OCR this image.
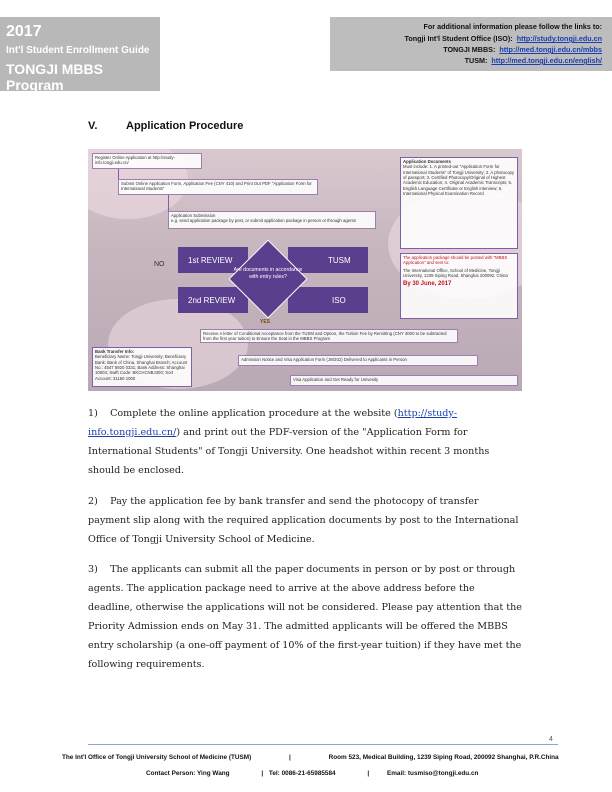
2017
Int'l Student Enrollment Guide
TONGJI MBBS Program
For additional information please follow the links to:
Tongji Int'l Student Office (ISO): http://study.tongji.edu.cn
TONGJI MBBS: http://med.tongji.edu.cn/mbbs
TUSM: http://med.tongji.edu.cn/english/
V.	Application Procedure
Register Online Application at http://study-info.tongji.edu.cn/
Submit Online Application Form, Application Fee (CNY 410) and Print Out PDF "Application Form for International Students"
Application Submission
e.g. send application package by post, or submit application package in person or through agents
Application Documents
Must include: 1. A printed-out "Application Form for International Students" of Tongji University; 2. A photocopy of passport; 3. Certified Photocopy/Original of Highest Academic Education; 4. Original Academic Transcripts; 5. English Language Certificate or English interview; 6. International Physical Examination Record
The application package should be posted with "MBBS Application" and sent to:
The International Office, School of Medicine, Tongji University, 1239 Siping Road, Shanghai 200092, China
By 30 June, 2017
NO	1st REVIEW
2nd REVIEW
TUSM
ISO
Are documents in accordance with entry rules?
YES
Receive A letter of Conditional Acceptance from the TUSM and Option, the Tuition Fee by Remitting (CNY 4000 to be subtracted from the first year tuition) to Ensure the Seat in the MBBS Program
Bank Transfer Info:
Beneficiary Name: Tongji University; Beneficiary Bank: Bank of China, Shanghai Branch; Account No.: 4547 5920 0331; Bank Address: Shanghai 10004; Swift Code: BKCHCNBJ300; Sort Account: 31160 1000
Admission Notice and Visa Application Form (JW202) Delivered to Applicants in Person
Visa Application and Get Ready for Univesity
1) Complete the online application procedure at the website (http://study-info.tongji.edu.cn/) and print out the PDF-version of the "Application Form for International Students" of Tongji University. One headshot within recent 3 months should be enclosed.
2) Pay the application fee by bank transfer and send the photocopy of transfer payment slip along with the required application documents by post to the International Office of Tongji University School of Medicine.
3) The applicants can submit all the paper documents in person or by post or through agents. The application package need to arrive at the above address before the deadline, otherwise the applications will not be considered. Please pay attention that the Priority Admission ends on May 31. The admitted applicants will be offered the MBBS entry scholarship (a one-off payment of 10% of the first-year tuition) if they have met the following requirements.
4
The Int'l Office of Tongji University School of Medicine (TUSM)	|	Room 523, Medical Building, 1239 Siping Road, 200092 Shanghai, P.R.China
Contact Person: Ying Wang	| Tel: 0086-21-65985584	|	Email: tusmiso@tongji.edu.cn
